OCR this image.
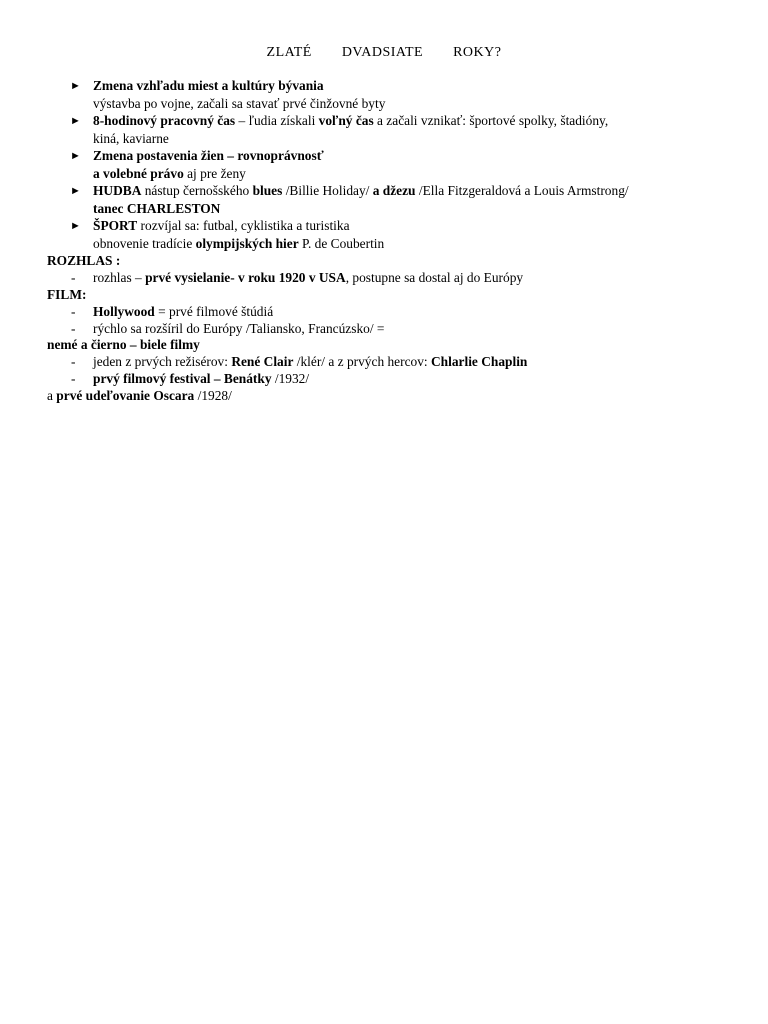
ZLATÉ DVADSIATE ROKY?
► Zmena vzhľadu miest a kultúry bývania
výstavba po vojne, začali sa stavať prvé činžovné byty
► 8-hodinový pracovný čas – ľudia získali voľný čas a začali vznikať: športové spolky, štadióny,
kiná, kaviarne
► Zmena postavenia žien – rovnoprávnosť
a volebné právo aj pre ženy
► HUDBA nástup černošského blues /Billie Holiday/ a džezu /Ella Fitzgeraldová a Louis Armstrong/
tanec CHARLESTON
► ŠPORT rozvíjal sa: futbal, cyklistika a turistika
obnovenie tradície olympijských hier P. de Coubertin
ROZHLAS :
- rozhlas – prvé vysielanie- v roku 1920 v USA, postupne sa dostal aj do Európy
FILM:
- Hollywood = prvé filmové štúdiá
- rýchlo sa rozšíril do Európy /Taliansko, Francúzsko/ =
nemé a čierno – biele filmy
- jeden z prvých režisérov: René Clair /klér/ a z prvých hercov: Chlarlie Chaplin
- prvý filmový festival – Benátky /1932/
a prvé udeľovanie Oscara /1928/
